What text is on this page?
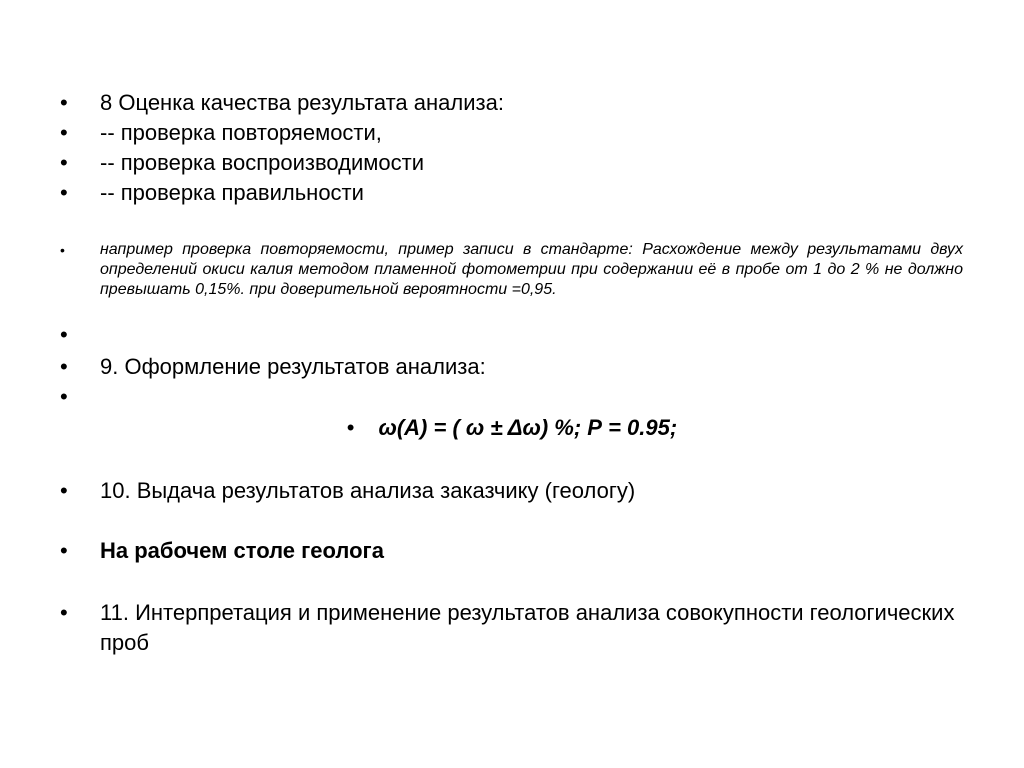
• 8 Оценка качества результата анализа:
• -- проверка повторяемости,
• -- проверка воспроизводимости
• -- проверка правильности
• например проверка повторяемости, пример записи в стандарте: Расхождение между результатами двух определений окиси калия методом пламенной фотометрии при содержании её в пробе от 1 до 2 % не должно превышать 0,15%. при доверительной вероятности =0,95.
•
• 9. Оформление результатов анализа:
•
• ω(А) = ( ω ± Δω) %; Р = 0.95;
• 10. Выдача результатов анализа заказчику (геологу)
• На рабочем столе геолога
• 11. Интерпретация и применение результатов анализа совокупности геологических проб
